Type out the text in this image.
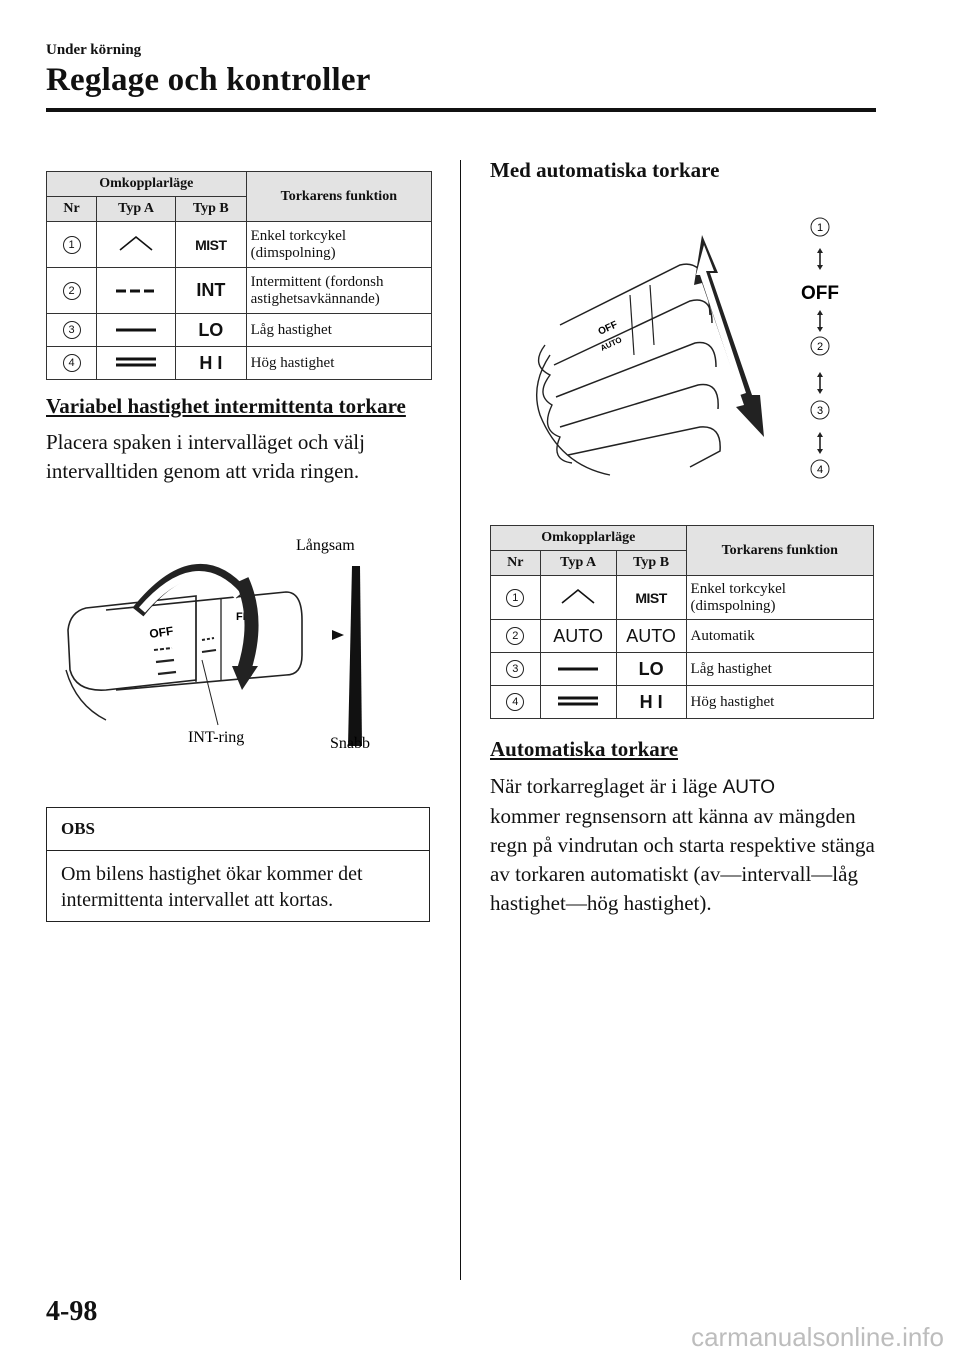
Under körning
Reglage och kontroller
Omkopplarläge			Torkarens funktion
Nr	Typ A	Typ B	
1		MIST	Enkel torkcykel (dimspolning)
2		INT	Intermittent (fordonsh astighetsavkännande)
3		LO	Låg hastighet
4		H I	Hög hastighet
Variabel hastighet intermittenta torkare
Placera spaken i intervalläget och välj intervalltiden genom att vrida ringen.
OFF
FF
Långsam
Snabb
INT-ring
OBS
Om bilens hastighet ökar kommer det intermittenta intervallet att kortas.
Med automatiska torkare
OFF
AUTO
1
OFF
2
3
4
Omkopplarläge			Torkarens funktion
Nr	Typ A	Typ B	
1		MIST	Enkel torkcykel (dimspolning)
2	AUTO	AUTO	Automatik
3		LO	Låg hastighet
4		H I	Hög hastighet
Automatiska torkare
När torkarreglaget är i läge AUTO
kommer regnsensorn att känna av mängden regn på vindrutan och starta respektive stänga av torkaren automatiskt (av—intervall—låg hastighet—hög hastighet).
4-98
carmanualsonline.info
